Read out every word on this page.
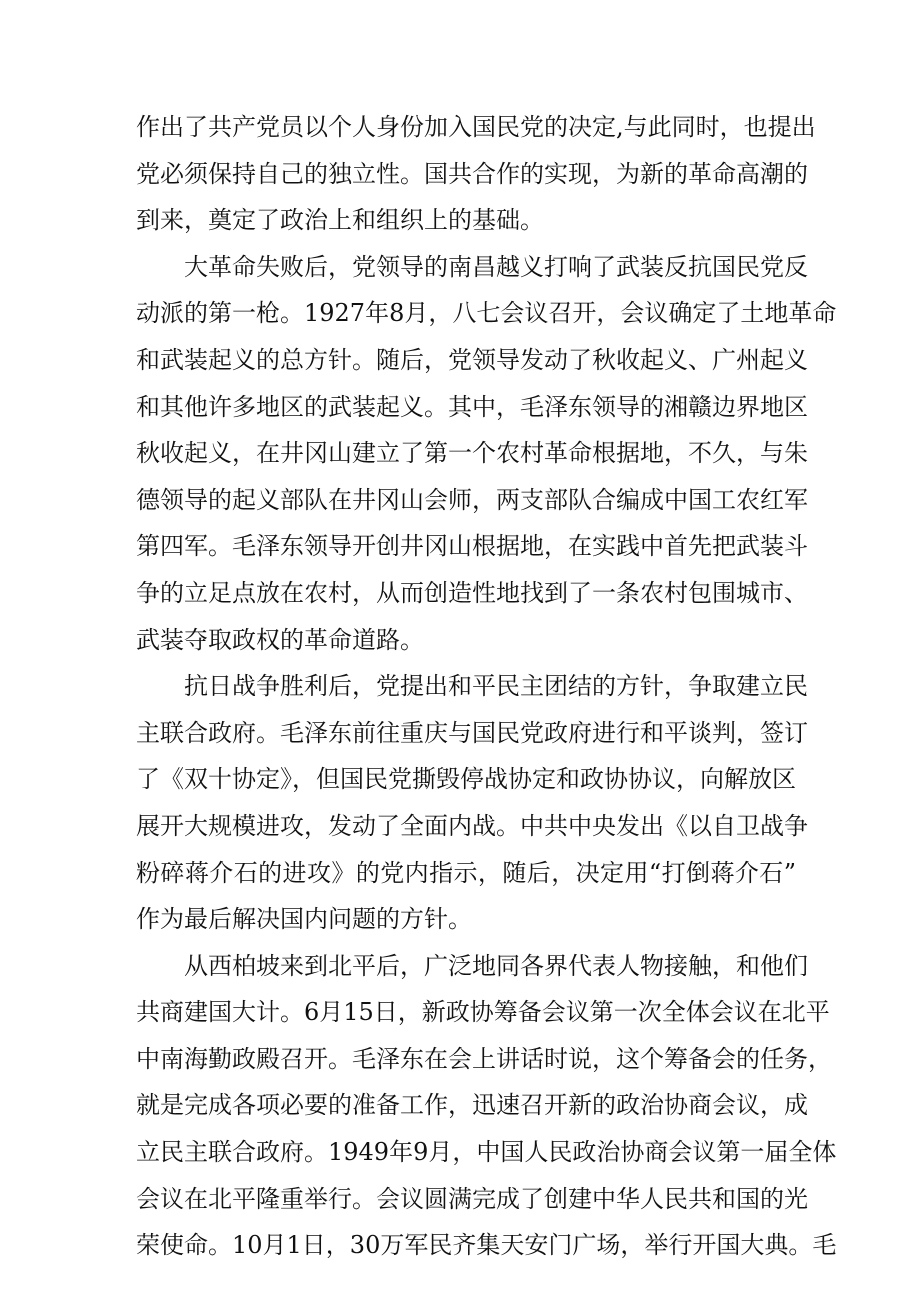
作出了共产党员以个人身份加入国民党的决定,与此同时，也提出
党必须保持自己的独立性。国共合作的实现，为新的革命高潮的
到来，奠定了政治上和组织上的基础。
大革命失败后，党领导的南昌越义打响了武装反抗国民党反
动派的第一枪。1927年8月，八七会议召开，会议确定了土地革命
和武装起义的总方针。随后，党领导发动了秋收起义、广州起义
和其他许多地区的武装起义。其中，毛泽东领导的湘赣边界地区
秋收起义，在井冈山建立了第一个农村革命根据地，不久，与朱
德领导的起义部队在井冈山会师，两支部队合编成中国工农红军
第四军。毛泽东领导开创井冈山根据地，在实践中首先把武装斗
争的立足点放在农村，从而创造性地找到了一条农村包围城市、
武装夺取政权的革命道路。
抗日战争胜利后，党提出和平民主团结的方针，争取建立民
主联合政府。毛泽东前往重庆与国民党政府进行和平谈判，签订
了《双十协定》，但国民党撕毁停战协定和政协协议，向解放区
展开大规模进攻，发动了全面内战。中共中央发出《以自卫战争
粉碎蒋介石的进攻》的党内指示，随后，决定用“打倒蒋介石”
作为最后解决国内问题的方针。
从西柏坡来到北平后，广泛地同各界代表人物接触，和他们
共商建国大计。6月15日，新政协筹备会议第一次全体会议在北平
中南海勤政殿召开。毛泽东在会上讲话时说，这个筹备会的任务，
就是完成各项必要的准备工作，迅速召开新的政治协商会议，成
立民主联合政府。1949年9月，中国人民政治协商会议第一届全体
会议在北平隆重举行。会议圆满完成了创建中华人民共和国的光
荣使命。10月1日，30万军民齐集天安门广场，举行开国大典。毛
